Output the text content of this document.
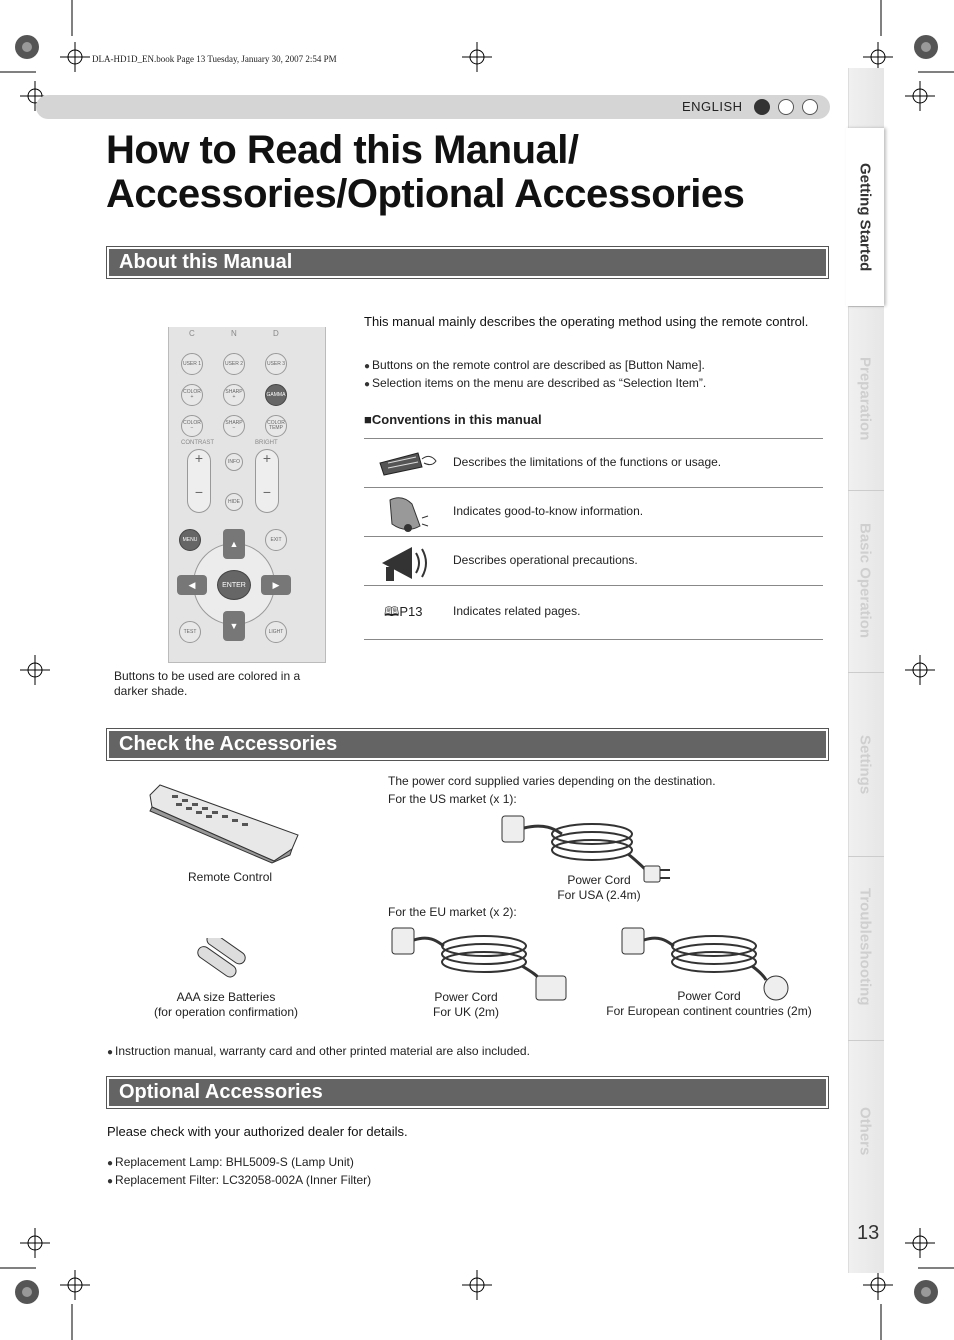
DLA-HD1D_EN.book Page 13 Tuesday, January 30, 2007 2:54 PM
ENGLISH
How to Read this Manual/
Accessories/Optional Accessories
About this Manual
C	N	D
USER 1	USER 2	USER 3
COLOR +
SHARP +	GAMMA
COLOR −
SHARP −
COLOR TEMP
CONTRAST	BRIGHT
+
−
+
−
INFO
HIDE
MENU	EXIT
▲
▼
◀	▶
ENTER
TEST	LIGHT
Buttons to be used are colored in a
darker shade.
This manual mainly describes the operating method using the remote control.
● Buttons on the remote control are described as [Button Name].
● Selection items on the menu are described as “Selection Item”.
■Conventions in this manual
Describes the limitations of the functions or usage.
Indicates good-to-know information.
Describes operational precautions.
🕮P13	Indicates related pages.
Check the Accessories
Remote Control
AAA size Batteries
(for operation confirmation)
The power cord supplied varies depending on the destination.
For the US market (x 1):
Power Cord
For USA (2.4m)
For the EU market (x 2):
Power Cord
For UK (2m)
Power Cord
For European continent countries (2m)
● Instruction manual, warranty card and other printed material are also included.
Optional Accessories
Please check with your authorized dealer for details.
● Replacement Lamp: BHL5009-S (Lamp Unit)
● Replacement Filter: LC32058-002A (Inner Filter)
Getting Started
Preparation
Basic Operation
Settings
Troubleshooting
Others
13
